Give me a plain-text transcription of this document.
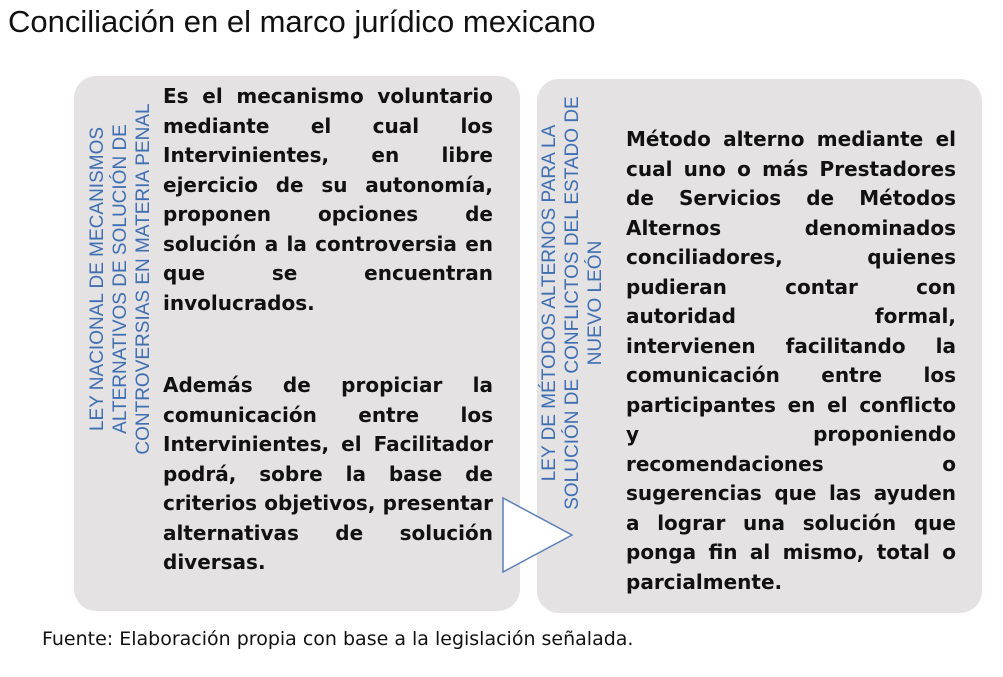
Conciliación en el marco jurídico mexicano
LEY NACIONAL DE MECANISMOS ALTERNATIVOS DE SOLUCIÓN DE CONTROVERSIAS EN MATERIA PENAL	LEY DE MÉTODOS ALTERNOS PARA LA SOLUCIÓN DE CONFLICTOS DEL ESTADO DE NUEVO LEÓN
Es el mecanismo voluntario mediante el cual los Intervinientes, en libre ejercicio de su autonomía, proponen opciones de solución a la controversia en que se encuentran involucrados.
Además de propiciar la comunicación entre los Intervinientes, el Facilitador podrá, sobre la base de criterios objetivos, presentar alternativas de solución diversas.
Método alterno mediante el cual uno o más Prestadores de Servicios de Métodos Alternos denominados conciliadores, quienes pudieran contar con autoridad formal, intervienen facilitando la comunicación entre los participantes en el conflicto y proponiendo recomendaciones o sugerencias que las ayuden a lograr una solución que ponga fin al mismo, total o parcialmente.
Fuente: Elaboración propia con base a la legislación señalada.
